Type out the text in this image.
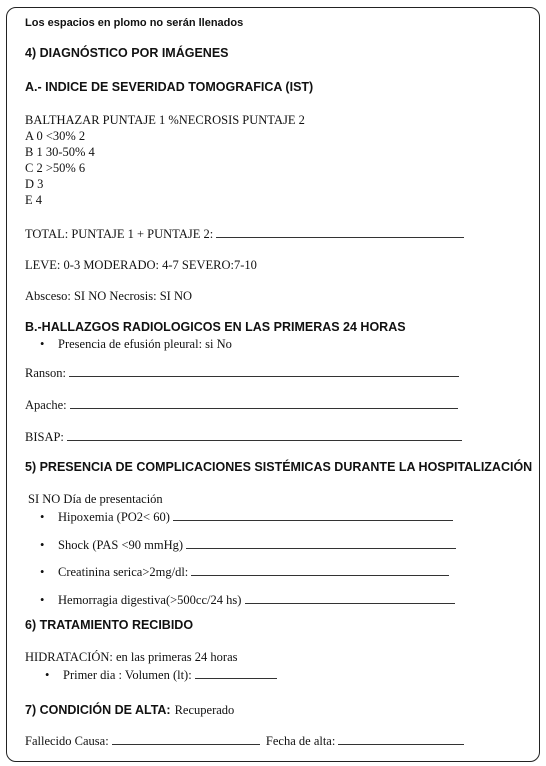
Los espacios en plomo no serán llenados
4) DIAGNÓSTICO POR IMÁGENES
A.- INDICE DE SEVERIDAD TOMOGRAFICA (IST)
BALTHAZAR PUNTAJE 1 %NECROSIS PUNTAJE 2
A 0 <30% 2
B 1 30-50% 4
C 2 >50% 6
D 3
E 4
TOTAL: PUNTAJE 1 + PUNTAJE 2:
LEVE: 0-3 MODERADO: 4-7 SEVERO:7-10
Absceso: SI NO Necrosis: SI NO
B.-HALLAZGOS RADIOLOGICOS EN LAS PRIMERAS 24 HORAS
• Presencia de efusión pleural: si No
Ranson:
Apache:
BISAP:
5) PRESENCIA DE COMPLICACIONES SISTÉMICAS DURANTE LA HOSPITALIZACIÓN
SI NO Día de presentación
• Hipoxemia (PO2< 60)
• Shock (PAS <90 mmHg)
• Creatinina serica>2mg/dl:
• Hemorragia digestiva(>500cc/24 hs)
6) TRATAMIENTO RECIBIDO
HIDRATACIÓN: en las primeras 24 horas
• Primer dia : Volumen (lt):
7) CONDICIÓN DE ALTA: Recuperado
Fallecido Causa:	Fecha de alta:
